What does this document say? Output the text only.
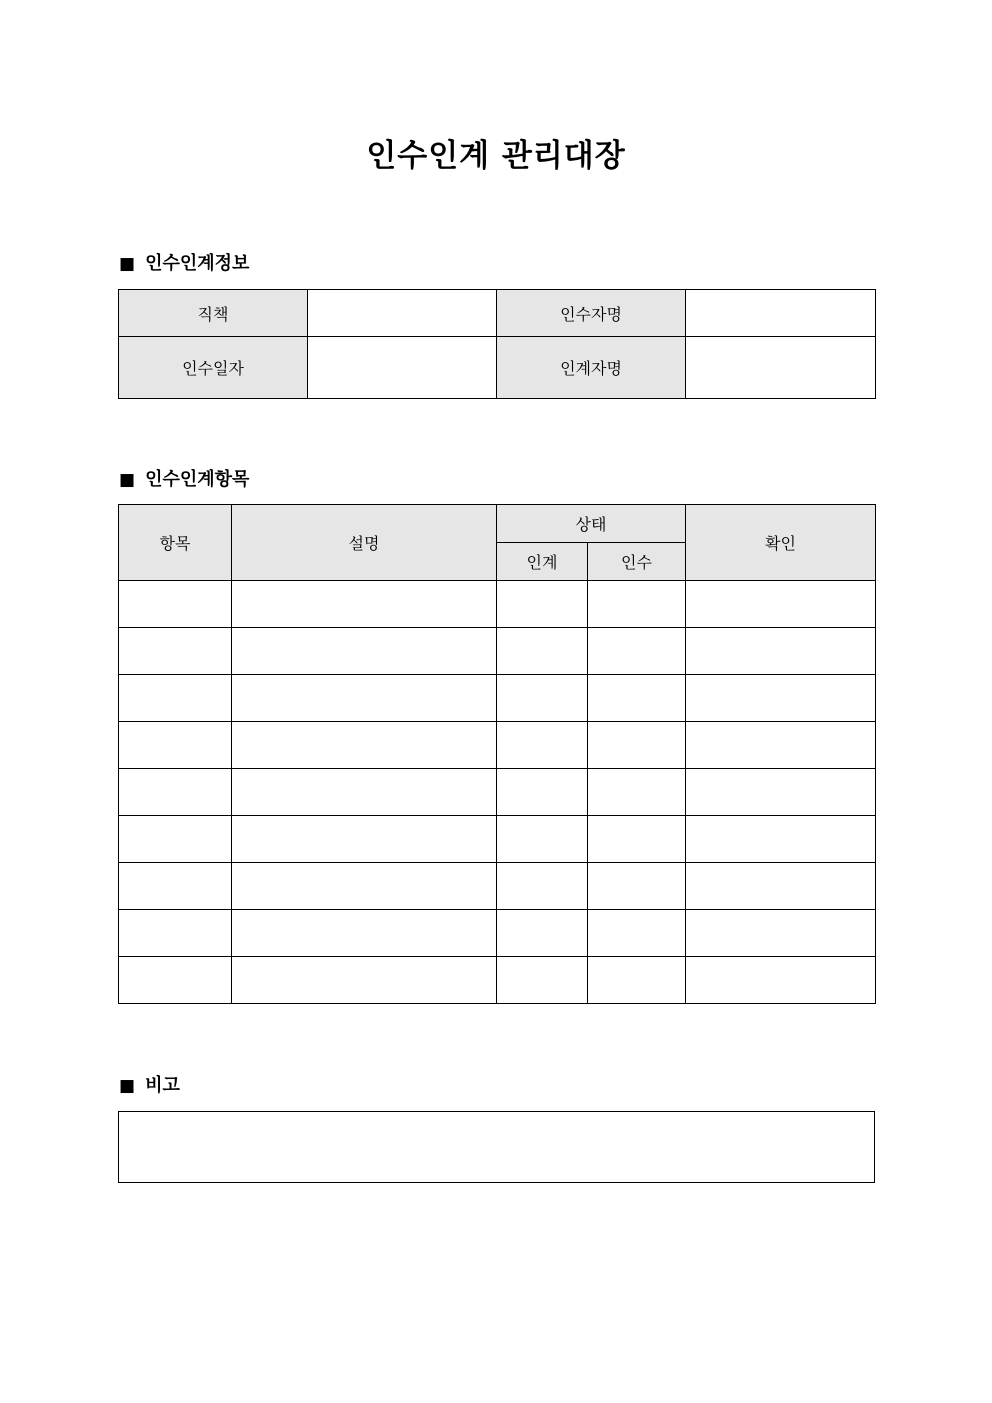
인수인계 관리대장
■ 인수인계정보
직책		인수자명	
인수일자		인계자명	
■ 인수인계항목
항목	설명	상태		확인
		인계	인수	

■ 비고
